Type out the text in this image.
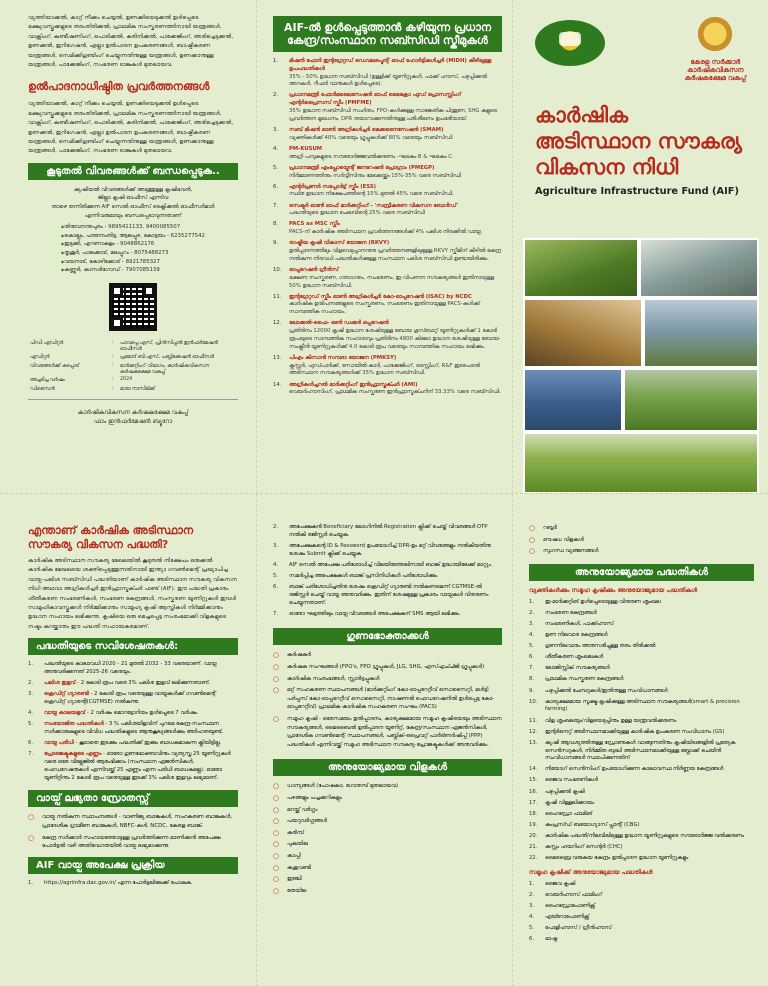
വ്യത്തിയാക്കൽ, കാറ്റ് നീക്കം ചെയ്യൽ, ഉണക്കിയെടുക്കൽ ഉൾപ്പെടെ ഭക്ഷ്യവസ്തുക്കളുടെ തരംതിരിക്കൽ, പ്രാഥമിക സംസ്കരണത്തിനായി യന്ത്രങ്ങൾ, വാക്സിംഗ്, കണ്ടീഷണിംഗ്, പൊടിക്കൽ, കരിനിക്കൽ, പാക്കേജിംഗ്, അരിച്ചെടുക്കൽ, ഉണക്കൽ, ഇറിഗേഷൻ, എല്ലാ ഉൽപാദന ഉപകരണങ്ങൾ, ബാഷ്പീകരണ യന്ത്രങ്ങൾ, സെമിക്കിഗുണ്ടിംഗ് ചെയ്യുന്നതിനുള്ള യന്ത്രങ്ങൾ, ഉണക്കാനുള്ള യന്ത്രങ്ങൾ, പാക്കേജിംഗ്, സംഭരണ ടാങ്കുകൾ മുതലായവ.

ഉൽപാദനാധിഷ്ഠിത പ്രവർത്തനങ്ങൾ

വ്യത്തിയാക്കൽ, കാറ്റ് നീക്കം ചെയ്യൽ, ഉണക്കിയെടുക്കൽ ഉൾപ്പെടെ ഭക്ഷ്യവസ്തുക്കളുടെ തരംതിരിക്കൽ, പ്രാഥമിക സംസ്കരണത്തിനായി യന്ത്രങ്ങൾ, വാക്സിംഗ്, കണ്ടീഷണിംഗ്, പൊടിക്കൽ, കരിനിക്കൽ, പാക്കേജിംഗ്, അരിച്ചെടുക്കൽ, ഉണക്കൽ, ഇറിഗേഷൻ, എല്ലാ ഉൽപാദന ഉപകരണങ്ങൾ, ബാഷ്പീകരണ യന്ത്രങ്ങൾ, സെമിക്കിഗുണ്ടിംഗ് ചെയ്യുന്നതിനുള്ള യന്ത്രങ്ങൾ, ഉണക്കാനുള്ള യന്ത്രങ്ങൾ, പാക്കേജിംഗ്, സംഭരണ ടാങ്കുകൾ മുതലായവ.

കൂടുതൽ വിവരങ്ങൾക്ക് ബന്ധപ്പെടുക..
ക്യഷിയൽ വിവരങ്ങൾക്ക് അടുത്തുള്ള കൃഷിഭവൻ,
ജില്ലാ കൃഷി ഓഫീസ് എന്നിവ
താഴെ തന്നിരിക്കുന്ന AIF സെൽ ഓഫീസ് ടെക്നിക്കൽ ഓഫീസർമാർ
എന്നിവരുമായും ബന്ധപ്പെടാവുന്നതാണ്
◆ തിരുവനന്തപുരം - 9895411133, 9400085507
◆ കൊല്ലം, പത്തനംതിട്ട, ആലപ്പുഴ, കോട്ടയം - 6235277542
◆ ഇടുക്കി, എറണാകുളം - 9048862176
◆ തൃശൂർ, പാലക്കാട്, മലപ്പുറം - 8075488273
◆ വയനാട്, കോഴിക്കോട് - 8921785327
◆ കണ്ണൂർ, കാസർഗോഡ് - 7907085139
പിഡി എഡിറ്റർ	:	പാവപ്പെ എസ്, പ്രിൻസിപ്പൽ ഇൻഫർമേഷൻ ഓഫീസർ
എഡിറ്റർ	:	പ്രമോദ് ബി.എസ്, പബ്ലിക്കേഷൻ ഓഫീസർ
വിവരങ്ങൾക്ക് കടപ്പാട്	:	മാർക്കറ്റിംഗ് വിഭാഗം, കാർഷികവികസന കർഷകക്ഷേമ വകുപ്പ്
അച്ചടിച്ച വർഷം	:	2024
ഡിസൈൻ	:	മായ നാസിമ്ക്ക്
കാർഷികവികസന കർഷകക്ഷേമ വകുപ്പ്
ഫാം ഇൻഫർമേഷൻ ബ്യൂറോ
AIF-ൽ ഉൾപ്പെടുത്താൻ കഴിയുന്ന പ്രധാന കേന്ദ്ര/സംസ്ഥാന സബ്സിഡി സ്കീമുകൾ
1.	മിഷൻ ഫോർ ഇന്റഗ്രേറ്റഡ് ഡെവലപ്മെന്റ് ഓഫ് ഹോർട്ടികൾച്ചർ (MIDH) കീഴിലുള്ള ഉപപദ്ധതികൾ
35% - 50% ഉദ്ധാന സബ്സിഡി (ഉള്ളിക്ക് യൂണിറ്റുകൾ, പാക്ക് ഹൗസ്, പഴുപ്പിക്കൽ അറകൾ, റീഫർ വാനുകൾ ഉൾപ്പെടെ).
2.	പ്രധാനമന്ത്രി ഫോർമലൈസേഷൻ ഓഫ് മൈക്രോ ഫുഡ് പ്രോസസ്സിംഗ് എന്റർപ്രൈസസ് സ്കീം (PMFME)
35% ഉദ്ധാന സബ്സിഡി സഹിതം, FPO-കൾക്കുള്ള സാങ്കേതിക പിന്തുണ, SHG കളുടെ പ്രവർത്തന മൂലധനം, DPR തയാറാക്കുന്നതിനുള്ള പരിശീലനം ഉപഭരിയായ്.
3.	സബ് മിഷൻ ഓൺ അഗ്രികൾച്ചർ മെക്കനൈസേഷൻ (SMAM)
വ്യക്തികൾക്ക് 40% വരെയും ഗ്രൂപ്പുകൾക്ക് 80% വരെയും സബ്സിഡി
4.	PM-KUSUM
അഗ്രി പമ്പുകളുടെ സൗരോർജ്ജവൽക്കരണം -ഘടകം B & ഘടകം C.
5.	പ്രധാനമന്ത്രി എംപ്ലോയ്മെന്റ് ജനറേഷൻ പ്രോഗ്രാം (PMEGP)
നിർമ്മാണത്തിനും സർവ്വീസിനും മേഖലയ്ക്കും 15%-35% വരെ സബ്സിഡി
6.	എന്റർപ്രണർ സപ്പോർട്ട് സ്കീം (ESS)
സ്ഥിര ഉദ്ധാന നിക്ഷേപത്തിന്റെ 15% മുതൽ 45% വരെ സബ്സിഡി.
7.	സെക്ടർ ഓൺ ഓഫ് മാർക്കറ്റിംഗ് - 'സമ്പ്രീകരണ വികസന ബോർഡ്'
പദ്ധതിയുടെ ഉദ്ധാന ചെലവിന്റെ 25% വരെ സബ്സിഡി
8.	PACS as MSC സ്കീം
PACS-ന് കാർഷിക അടിസ്ഥാന പ്രവർത്തനങ്ങൾക്ക് 4% പലിശ നിരക്കിൽ വായ്പ.
9.	രാഷ്ട്രീയ കൃഷി വികാസ് യോജന (RKVY)
ഉൽപ്പാദനത്തിലും വിളവെടുപ്പാനന്തര പ്രവർത്തനങ്ങളിലുമുള്ള RKVY സ്കീമിന് കീഴിൽ കേന്ദ്ര നൽകുന്ന നിരവധി പദ്ധതികൾക്കുള്ള സംസ്ഥാന പലിശ സബ്സിഡി ഉണ്ടായിരിക്കും.
10.	ഓപ്പറേഷൻ ഗ്രീൻസ്
ഭക്ഷണ സംസ്കരണ, ഗതാഗതം, സംഭരണം, ഇ-വിപണന സൗകര്യങ്ങൾ ഇതിനായുള്ള 50% ഉദ്ധാന സബ്സിഡി.
11.	ഇന്റഗ്രേറ്റഡ് സ്കീം ഓൺ അഗ്രികൾച്ചർ കോ-ഓപ്പറേഷൻ (ISAC) by NCDC
കാർഷിക ഉൽപന്നങ്ങളുടെ സംസ്കരണം, സംഭരണം ഇതിനായുള്ള PACS-കൾക്ക് സാമ്പത്തിക സഹായം.
12.	ലോക്കൽ-ഫൈ- ഒൺ ഡക്കർ ഒപ്പറേഷൻ
പ്രതിദിനം 12000 കൃഷി ഉദ്ധാന ശേഷിയുള്ള ബോയ ഗൂസ്ബാറ്റ് യൂണിറ്റുകൾക്ക് 1 കോടി രൂപയുടെ സാമ്പത്തിക സഹായവും പ്രതിദിനം 4800 കിലോ ഉദ്ധാന ശേഷിയുള്ള ബോയ-സംക്ലീൻ യൂണിറ്റുകൾക്ക് 4.0 കോടി രൂപ വരെയും സാമ്പത്തിക സഹായം ലഭിക്കും.
13.	പിഎം കിസാൻ സമ്പദാ യോജന (PMKSY)
ക്ലസ്റ്റർ, ഫുഡ്പാർക്ക്, സോയിൽ-കാർ, പാക്കേജിംഗ്, ടെസ്റ്റിംഗ്, R&F ഇടപെടൽ അടിസ്ഥാന സൗകര്യങ്ങൾക്ക് 35% ഉദ്ധാന സബ്സിഡി.
14.	അഗ്രികൾച്ചറൽ മാർക്കറ്റിംഗ് ഇൻഫ്രാസ്ട്രക്ചർ (AMI)
വെയർഹൗസിംഗ്, പ്രാഥമിക സംസ്കരണ ഇൻഫ്രാസ്ട്രക്ചറിന് 33.33% വരെ സബ്സിഡി.
കേരള സർക്കാർ
കാർഷികവികസന
കർഷകക്ഷേമ വകുപ്പ്
കാർഷിക
അടിസ്ഥാന സൗകര്യ
വികസന നിധി
Agriculture Infrastructure Fund (AIF)
എന്താണ് കാർഷിക അടിസ്ഥാന സൗകര്യ വികസന പദ്ധതി?

കാർഷിക അടിസ്ഥാന സൗകര്യ മേഖലയിൽ കൂടുതൽ നിക്ഷേപം ഒരുക്കൽ കാർഷിക മേഖലയെ ശക്തിപ്പെടുത്തുന്നതിനായി ഇന്ത്യാ ഗവൺമെന്റ് പ്രഖ്യാപിച്ച വായ്പ-പലിശ സബ്സിഡി പദ്ധതിയാണ് കാർഷിക അടിസ്ഥാന സൗകര്യ വികസന നിധി അഥവാ അഗ്രികൾച്ചർ ഇൻഫ്രാസ്ട്രക്ചർ ഫണ്ട് (AIF). ഈ പദ്ധതി പ്രകാരം ശീതീകരണ സംഭരണികൾ, സംഭരണ കേന്ദ്രങ്ങൾ, സംസ്കരണ യൂണിറ്റുകൾ ഇവൾ സാമൂഹികാവസ്തുക്കൾ നിർമ്മിക്കാനും സാമൂഹ്യ കൃഷി ആസ്തികൾ നിർമ്മിക്കാനും ഉദ്ധാന സഹായം ലഭിക്കുന്നു. കൃഷിയെ ഒരു മെച്ചപ്പെട്ട സംരംഭമാക്കി വിളകളുടെ നഷ്ടം കുറയ്ക്കാനും ഈ പദ്ധതി സഹായകരമാണ്.

പദ്ധതിയുടെ സവിശേഷതകൾ:
1.	പദ്ധതിയുടെ കാലാവധി 2020 - 21 മുതൽ 2032 - 33 വരെയാണ്. വായ്പ അനുവദിക്കുന്നത് 2025-26 വരെയും.
2.	പലിശ ഇളവ് - 2 കോടി രൂപ വരെ 3% പലിശ ഇളവ് ലഭിക്കുന്നതാണ്.
3.	ക്രെഡിറ്റ് ഗ്യാരണ്ടി - 2 കോടി രൂപ വരെയുള്ള വായ്പകൾക്ക് ഗവൺമെന്റ് ക്രെഡിറ്റ് ഗ്യാരന്റി(CGTMSE) നൽകുന്നു.
4.	വായ്പ കാലയളവ് - 2 വർഷം മൊറട്ടോറിയം ഉൾപ്പെടെ 7 വർഷം.
5.	സംയോജിത പദ്ധതികൾ - 3 % പലിശയിളവിന് പുറമെ കേന്ദ്ര-സംസ്ഥാന സർക്കാരുകളുടെ വിവിധ പദ്ധതികളുടെ ആനുകൂല്യങ്ങൾക്കും അർഹതയുണ്ട്.
6.	വായ്പ പരിധി - കൂടാതെ ഇടക്കും പദ്ധതിക്ക് ഇക്കും ബാധകമാകുന്ന ക്ലിയിട്ടില്ല.
7.	പ്രോജെക്ടുകളുടെ എണ്ണം - ഓരോ ഗുണഭോക്താവിനും വ്യത്യസ്ത 25 യൂണിറ്റുകൾ വരെ ഒരേ വില്ലേജിൽ ആരംഭിക്കാം (സംസ്ഥാന ഏജൻസികൾ, ഫെഡറേഷനുകൾ എന്നിവയ്ക്ക് 25 എണ്ണം എന്ന പരിധി ബാധകമല്ല). ഓരോ യൂണിറ്റിനും 2 കോടി രൂപ വരെയുള്ള ഇടക്ക് 3% പലിശ ഇളവും ലഭ്യമാണ്.
വായ്പ് ലഭ്യതാ സ്രോതസ്സ്
○	വായ്പ നൽകുന്ന സ്ഥാപനങ്ങൾ - വാണിജ്യ ബാങ്കുകൾ, സഹകരണ ബാങ്കുകൾ, പ്രാദേശിക ഗ്രാമീണ ബാങ്കുകൾ, NBFC-കൾ, NCDC, കേരള ബാങ്ക്.
○	കേന്ദ്ര സർക്കാർ സഹായത്തോടുള്ള പ്രവർത്തിക്കുന്ന മാണിക്കൻ അപേക്ഷ പോർട്ടൽ വഴി അതിവേഗതയിൽ വായ്പ ലഭ്യമാക്കുന്നു.
AIF വായ്പ അപേക്ഷ പ്രക്രിയ
1.	https://agriinfra.dac.gov.in/ എന്ന പോർട്ടലിലേക്ക് പോകുക.
2.	അപേക്ഷകൻ Beneficiary ലോഗിനിൽ Registration ക്ലിക്ക് ചെയ്ത് വിവരങ്ങൾ OTP നൽകി രജിസ്റ്റർ ചെയ്യുക.
3.	അപേക്ഷകന്റെ ID & Password ഉപയോഗിച്ച് DPR-ഉം മറ്റ് വിവരങ്ങളും നൽകിയതിനു ശേഷം Submit ക്ലിക്ക് ചെയ്യുക.
4.	AIF സെൽ അപേക്ഷ പരിശോധിച്ച് വിലയിരുത്തലിനായി ബാങ്ക് ഉദ്ധായിലേക്ക് മാറ്റും.
5.	സമർപ്പിച്ച അപേക്ഷകൾ ബാങ്ക് പ്രസിനിധികൾ പരിശോധിക്കും.
6.	ബാങ്ക് പരിശോധിച്ചതിനു ശേഷം ക്രെഡിറ്റ് ഗ്യാരണ്ടി നൽകണമെന്ന് CGTMSE-ൽ രജിസ്റ്റർ ചെയ്ത് വായ്പ അനുവദിക്കും. ഇതിന് ശേഷമുള്ള പ്രകാരം വായ്പകൾ വിതരണം ചെയ്യുന്നതാണ്.
7.	ഓരോ ഘട്ടത്തിലും വായ്പ വിവരങ്ങൾ അപേക്ഷകന് SMS ആയി ലഭിക്കും.
ഗുണഭോക്താക്കൾ
○	കർഷകർ
○	കർഷക സംഘങ്ങൾ (FPO's, FPO ഗ്രൂപ്പുകൾ, JLG, SHG, എസ്എച്ച്ജി ഗ്രൂപ്പുകൾ)
○	കാർഷിക സംരംഭങ്ങൾ, സ്റ്റാർട്ടപ്പുകൾ
○	മറ്റ് സഹകരണ സ്ഥാപനങ്ങൾ (മാർക്കറ്റിംഗ് കോ-ഓപ്പറേറ്റീവ് സൊസൈറ്റി, മൾട്ടി പർപ്പസ് കോ-ഓപ്പറേറ്റീവ് സൊസൈറ്റി, നാഷണൽ ഫെഡറേഷനിൽ ഉൾപ്പെട്ട കോ-ഓപ്പറേറ്റീവ്) പ്രാഥമിക കാർഷിക സഹകരണ സംഘം (PACS)
○	സമൂഹ കൃഷി - ഒരേസമയം ഉൽപ്പാദനം, കാര്യക്ഷമമായ സമൂഹ കൃഷിയെയും അടിസ്ഥാന സൗകര്യങ്ങൾ, മൈബൈൽ ഉൽപ്പാദന യൂണിറ്റ്, കേന്ദ്ര/സംസ്ഥാന ഏജൻസികൾ, പ്രാദേശിക ഗവൺമെന്റ് സ്ഥാപനങ്ങൾ, പബ്ലിക്-പ്രൈവറ്റ് പാർട്ണർഷിപ്പ് (PPP) പദ്ധതികൾ എന്നിവയ്ക്ക് സമൂഹ അടിസ്ഥാന സൗകര്യ-പ്രോജക്ടുകൾക്ക് അനുവദിക്കും.
അനുയോജ്യമായ വിളകൾ
○	ധാന്യങ്ങൾ (പോഷകാ, ഗോതമ്പ് മുതലായവ)
○	പഴങ്ങളും പച്ചക്കറികളും
○	മറയ്ക്ക് വർഗ്ഗം
○	പയറുവർഗ്ഗങ്ങൾ
○	കരിമ്പ്
○	പുകയില
○	കാപ്പി
○	കശുവണ്ടി
○	ഇഞ്ചി
○	തേയില
○	റബ്ബർ
○	ഔഷധ വിളകൾ
○	സുഗന്ധ വ്യഞ്ജനങ്ങൾ
അനുയോജ്യമായ പദ്ധതികൾ
വ്യക്തികൾക്കും സമൂഹ കൃഷിക്കും അനുയോജ്യമായ പദ്ധതികൾ
1.	ഇ-മാർക്കറ്റിങ് ഉൾപ്പെടെയുള്ള വിതരണ ശൃംഖല
2.	സംഭരണ കേന്ദ്രങ്ങൾ
3.	സംഭരണികൾ, പാക്ക്ഹൗസ്
4.	ഉണ നിലവാര കേന്ദ്രങ്ങൾ
5.	ഗുണനിലവാരം അനുസരിച്ചുള്ള തരം തിരിക്കൽ
6.	ശീതീകരണ ശൃംഖലകൾ
7.	ലോജിസ്റ്റിക് സൗകര്യങ്ങൾ
8.	പ്രാഥമിക സംസ്കരണ കേന്ദ്രങ്ങൾ
9.	പഴുപ്പിക്കൽ ചേമ്പറുകൾ/ഇതിനുള്ള സംവിധാനങ്ങൾ
10.	കാര്യക്ഷമമായ സൂക്ഷ്മ കൃഷിക്കുള്ള അടിസ്ഥാന സൗകര്യങ്ങൾ(smart & precision farming)
11.	വിള ശൃംഖലയും/വിളയെടുപ്പിനും ഉള്ള യന്ത്രവൽക്കരണം
12.	ഇന്റർനെറ്റ് അടിസ്ഥാനമാക്കിയുള്ള കാർഷിക ഉപകരണ സംവിധാനം (GS)
13.	ക്യഷി ആവശ്യത്തിനുള്ള ഡ്രോണുകൾ വാങ്ങുന്നതിനും കൃഷിയിടങ്ങളിൽ പ്രത്യേക സെൻസറുകൾ, നിർമ്മിത ബുദ്ധി അടിസ്ഥാനമാക്കിയുള്ള ബ്ലോക്ക് ചെയിൻ സംവിധാനങ്ങൾ സ്ഥാപിക്കുന്നതിന്
14.	നിയോഗ് സെൻസിംഗ് ഉപയോഗിക്കുന്ന കാലാവസ്ഥ നിർണ്ണയ കേന്ദ്രങ്ങൾ
15.	ജൈവ സംഭരണികൾ
16.	പഴുപ്പിക്കൽ കൃഷി
17.	കൃഷി വിള്ളലിക്കായം
18.	ഹൈഡ്രോ ഫാമിങ്
19.	കംപ്രസ്ഡ് ബയോഗ്യാസ് പ്ലാന്റ് (CBG)
20.	കാർഷിക പദ്ധതി/നിലവിലിലുള്ള ഉദ്ധാന യൂണിറ്റുകളുടെ സൗരോർജ്ജ വൽക്കരണം
21.	കസ്റ്റം ഹയറിംഗ് സെന്റർ (CHC)
22.	മൈബ്രൈ വരുകയ കേന്ദ്രം ഉൽപ്പാദന ഉദ്ധാന യൂണിറ്റുകളും
സമൂഹ കൃഷിക്ക് അനുയോജ്യമായ പദ്ധതികൾ
1.	ജൈവ കൃഷി
2.	വെയർഹൗസ് ഫാമിംഗ്
3.	ഹൈഡ്രോപോണിക്സ്
4.	എയ്റോപോണിക്സ്
5.	പോളിഹൗസ് / ഗ്രീൻഹൗസ്
6.	ഭാഷ്പ
